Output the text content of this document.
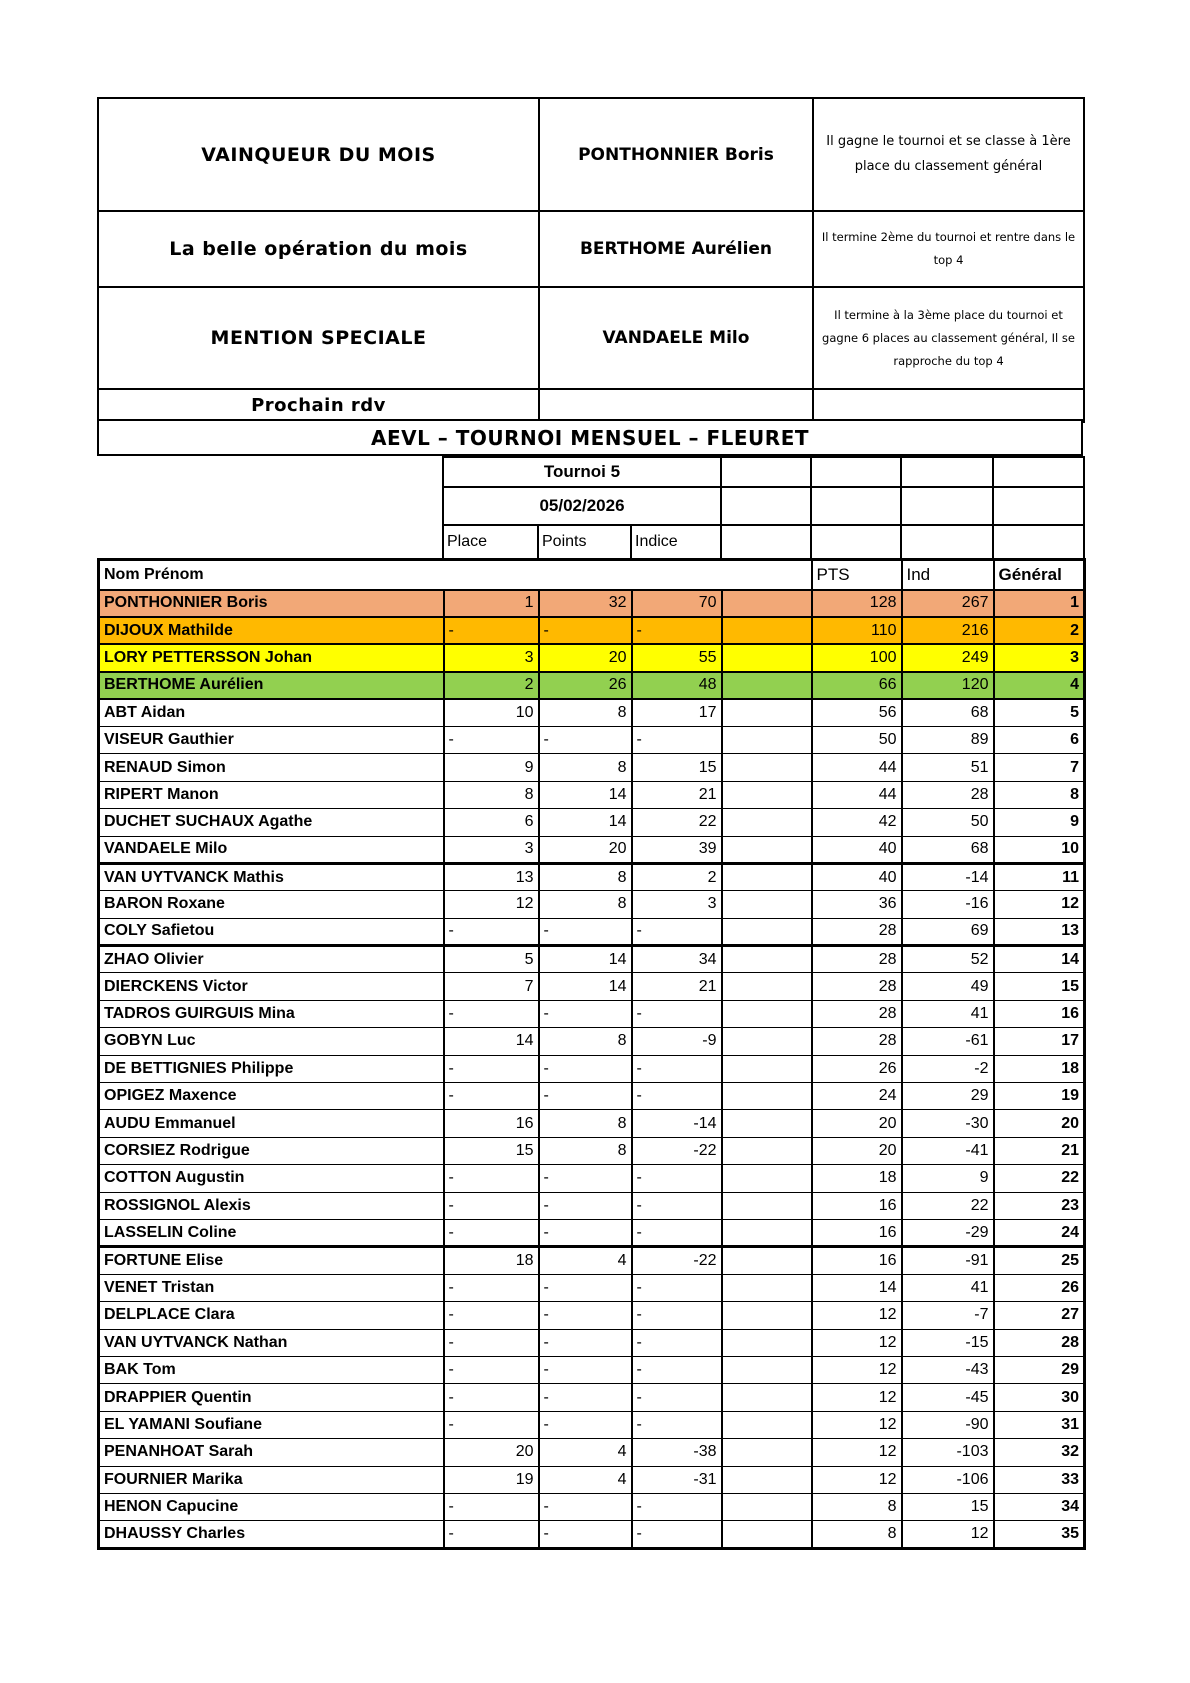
VAINQUEUR DU MOIS	PONTHONNIER Boris	Il gagne le tournoi et se classe à 1ère place du classement général
La belle opération du mois	BERTHOME Aurélien	Il termine 2ème du tournoi et rentre dans le top 4
MENTION SPECIALE	VANDAELE Milo	Il termine à la 3ème place du tournoi et gagne 6 places au classement général, Il se rapproche du top 4
Prochain rdv		
AEVL – TOURNOI MENSUEL – FLEURET
Tournoi 5						
05/02/2026						
Place	Points	Indice				
Nom Prénom					PTS	Ind	Général
PONTHONNIER Boris	1	32	70		128	267	1
DIJOUX Mathilde	-	-	-		110	216	2
LORY PETTERSSON Johan	3	20	55		100	249	3
BERTHOME Aurélien	2	26	48		66	120	4
ABT Aidan	10	8	17		56	68	5
VISEUR Gauthier	-	-	-		50	89	6
RENAUD Simon	9	8	15		44	51	7
RIPERT Manon	8	14	21		44	28	8
DUCHET SUCHAUX Agathe	6	14	22		42	50	9
VANDAELE Milo	3	20	39		40	68	10
VAN UYTVANCK Mathis	13	8	2		40	-14	11
BARON Roxane	12	8	3		36	-16	12
COLY Safietou	-	-	-		28	69	13
ZHAO Olivier	5	14	34		28	52	14
DIERCKENS Victor	7	14	21		28	49	15
TADROS GUIRGUIS Mina	-	-	-		28	41	16
GOBYN Luc	14	8	-9		28	-61	17
DE BETTIGNIES Philippe	-	-	-		26	-2	18
OPIGEZ Maxence	-	-	-		24	29	19
AUDU Emmanuel	16	8	-14		20	-30	20
CORSIEZ Rodrigue	15	8	-22		20	-41	21
COTTON Augustin	-	-	-		18	9	22
ROSSIGNOL Alexis	-	-	-		16	22	23
LASSELIN Coline	-	-	-		16	-29	24
FORTUNE Elise	18	4	-22		16	-91	25
VENET Tristan	-	-	-		14	41	26
DELPLACE Clara	-	-	-		12	-7	27
VAN UYTVANCK Nathan	-	-	-		12	-15	28
BAK Tom	-	-	-		12	-43	29
DRAPPIER Quentin	-	-	-		12	-45	30
EL YAMANI Soufiane	-	-	-		12	-90	31
PENANHOAT Sarah	20	4	-38		12	-103	32
FOURNIER Marika	19	4	-31		12	-106	33
HENON Capucine	-	-	-		8	15	34
DHAUSSY Charles	-	-	-		8	12	35
